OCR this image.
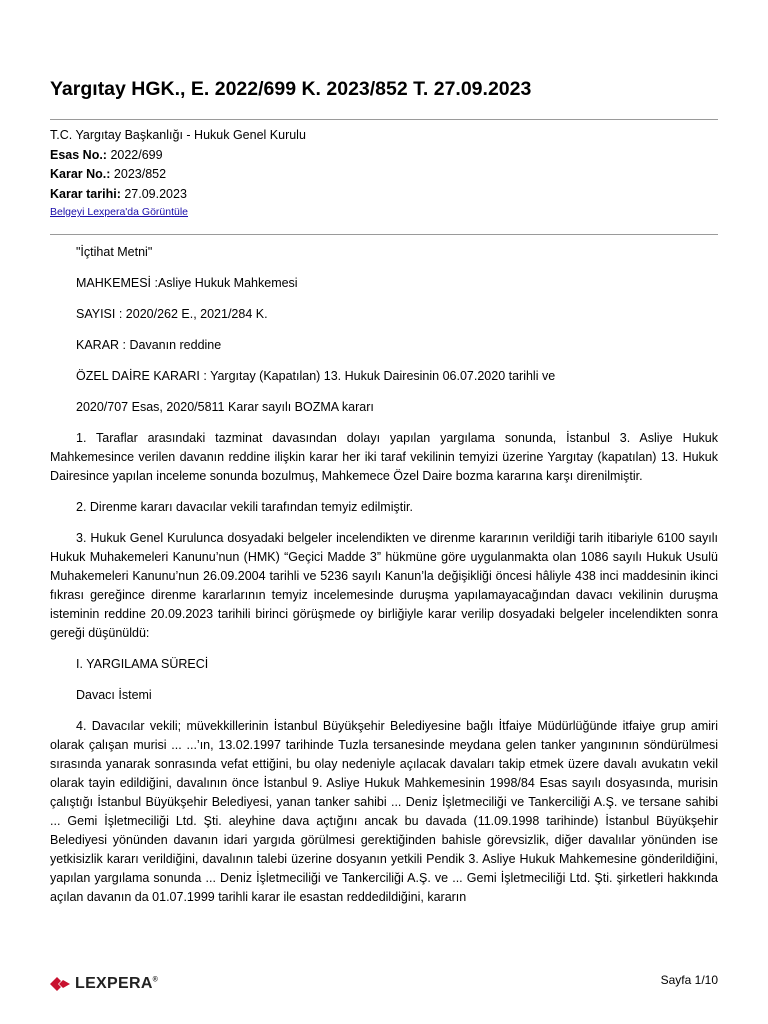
Yargıtay HGK., E. 2022/699 K. 2023/852 T. 27.09.2023
T.C. Yargıtay Başkanlığı - Hukuk Genel Kurulu
Esas No.: 2022/699
Karar No.: 2023/852
Karar tarihi: 27.09.2023
Belgeyi Lexpera'da Görüntüle

"İçtihat Metni"

MAHKEMESİ :Asliye Hukuk Mahkemesi

SAYISI : 2020/262 E., 2021/284 K.

KARAR : Davanın reddine

ÖZEL DAİRE KARARI : Yargıtay (Kapatılan) 13. Hukuk Dairesinin 06.07.2020 tarihli ve

2020/707 Esas, 2020/5811 Karar sayılı BOZMA kararı

1. Taraflar arasındaki tazminat davasından dolayı yapılan yargılama sonunda, İstanbul 3. Asliye Hukuk Mahkemesince verilen davanın reddine ilişkin karar her iki taraf vekilinin temyizi üzerine Yargıtay (kapatılan) 13. Hukuk Dairesince yapılan inceleme sonunda bozulmuş, Mahkemece Özel Daire bozma kararına karşı direnilmiştir.

2. Direnme kararı davacılar vekili tarafından temyiz edilmiştir.

3. Hukuk Genel Kurulunca dosyadaki belgeler incelendikten ve direnme kararının verildiği tarih itibariyle 6100 sayılı Hukuk Muhakemeleri Kanunu’nun (HMK) “Geçici Madde 3” hükmüne göre uygulanmakta olan 1086 sayılı Hukuk Usulü Muhakemeleri Kanunu’nun 26.09.2004 tarihli ve 5236 sayılı Kanun’la değişikliği öncesi hâliyle 438 inci maddesinin ikinci fıkrası gereğince direnme kararlarının temyiz incelemesinde duruşma yapılamayacağından davacı vekilinin duruşma isteminin reddine 20.09.2023 tarihili birinci görüşmede oy birliğiyle karar verilip dosyadaki belgeler incelendikten sonra gereği düşünüldü:

I. YARGILAMA SÜRECİ

Davacı İstemi

4. Davacılar vekili; müvekkillerinin İstanbul Büyükşehir Belediyesine bağlı İtfaiye Müdürlüğünde itfaiye grup amiri olarak çalışan murisi ... ...’ın, 13.02.1997 tarihinde Tuzla tersanesinde meydana gelen tanker yangınının söndürülmesi sırasında yanarak sonrasında vefat ettiğini, bu olay nedeniyle açılacak davaları takip etmek üzere davalı avukatın vekil olarak tayin edildiğini, davalının önce İstanbul 9. Asliye Hukuk Mahkemesinin 1998/84 Esas sayılı dosyasında, murisin çalıştığı İstanbul Büyükşehir Belediyesi, yanan tanker sahibi ... Deniz İşletmeciliği ve Tankerciliği A.Ş. ve tersane sahibi ... Gemi İşletmeciliği Ltd. Şti. aleyhine dava açtığını ancak bu davada (11.09.1998 tarihinde) İstanbul Büyükşehir Belediyesi yönünden davanın idari yargıda görülmesi gerektiğinden bahisle görevsizlik, diğer davalılar yönünden ise yetkisizlik kararı verildiğini, davalının talebi üzerine dosyanın yetkili Pendik 3. Asliye Hukuk Mahkemesine gönderildiğini, yapılan yargılama sonunda ... Deniz İşletmeciliği ve Tankerciliği A.Ş. ve ... Gemi İşletmeciliği Ltd. Şti. şirketleri hakkında açılan davanın da 01.07.1999 tarihli karar ile esastan reddedildiğini, kararın

LEXPERA®	Sayfa 1/10
